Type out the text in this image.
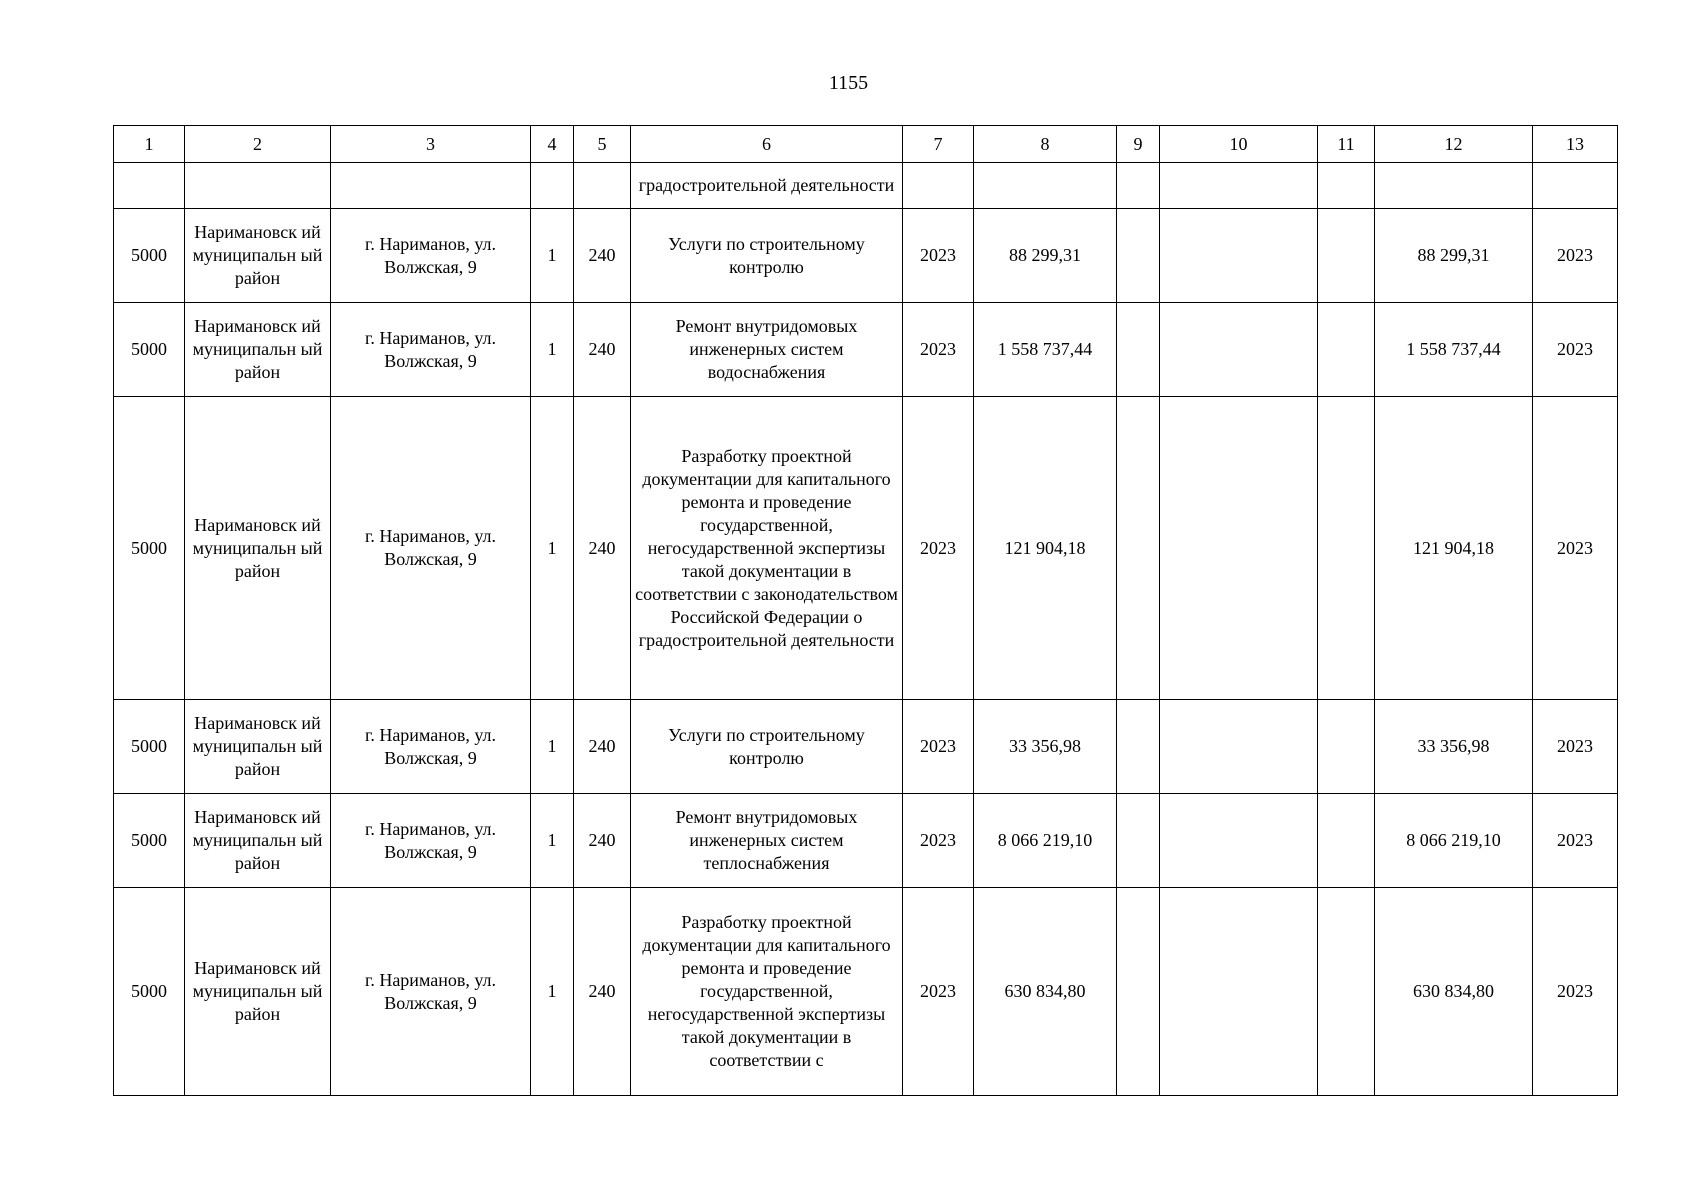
1155
1	2	3	4	5	6	7	8	9	10	11	12	13
					градостроительной деятельности							
5000	Наримановск ий муниципальн ый район	г. Нариманов, ул. Волжская, 9	1	240	Услуги по строительному контролю	2023	88 299,31				88 299,31	2023
5000	Наримановск ий муниципальн ый район	г. Нариманов, ул. Волжская, 9	1	240	Ремонт внутридомовых инженерных систем водоснабжения	2023	1 558 737,44				1 558 737,44	2023
5000	Наримановск ий муниципальн ый район	г. Нариманов, ул. Волжская, 9	1	240	Разработку проектной документации для капитального ремонта и проведение государственной, негосударственной экспертизы такой документации в соответствии с законодательством Российской Федерации о градостроительной деятельности	2023	121 904,18				121 904,18	2023
5000	Наримановск ий муниципальн ый район	г. Нариманов, ул. Волжская, 9	1	240	Услуги по строительному контролю	2023	33 356,98				33 356,98	2023
5000	Наримановск ий муниципальн ый район	г. Нариманов, ул. Волжская, 9	1	240	Ремонт внутридомовых инженерных систем теплоснабжения	2023	8 066 219,10				8 066 219,10	2023
5000	Наримановск ий муниципальн ый район	г. Нариманов, ул. Волжская, 9	1	240	Разработку проектной документации для капитального ремонта и проведение государственной, негосударственной экспертизы такой документации в соответствии с	2023	630 834,80				630 834,80	2023
